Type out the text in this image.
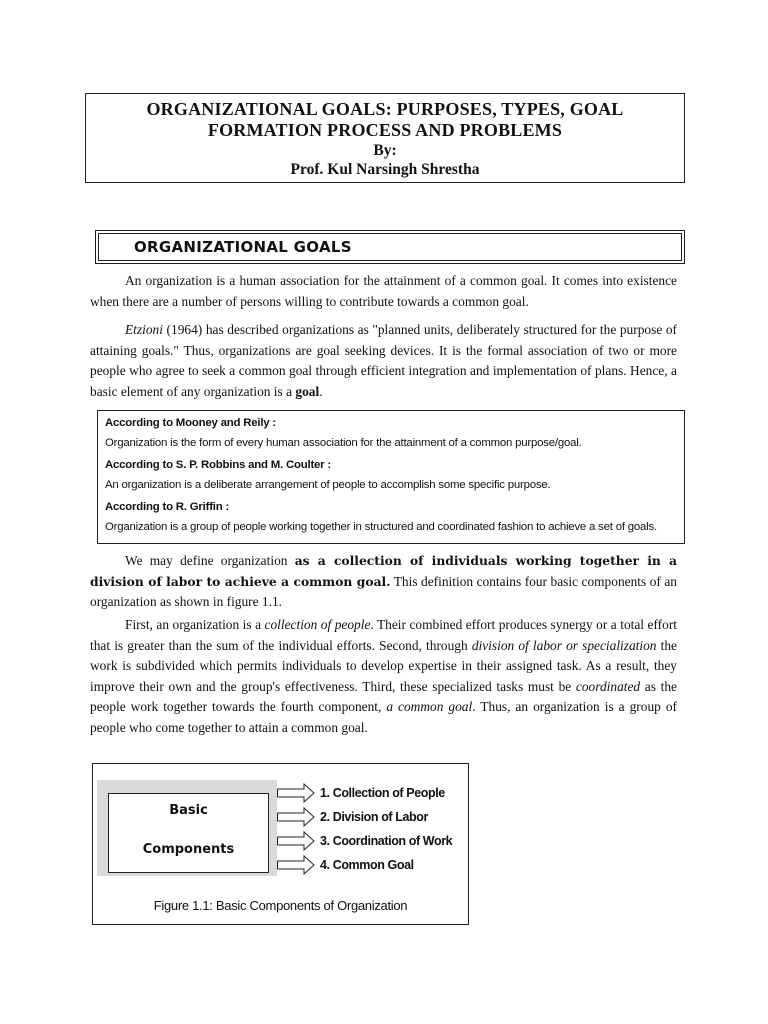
ORGANIZATIONAL GOALS: PURPOSES, TYPES, GOAL
FORMATION PROCESS AND PROBLEMS
By:
Prof. Kul Narsingh Shrestha
ORGANIZATIONAL GOALS

An organization is a human association for the attainment of a common goal. It comes into existence when there are a number of persons willing to contribute towards a common goal.

Etzioni (1964) has described organizations as "planned units, deliberately structured for the purpose of attaining goals." Thus, organizations are goal seeking devices. It is the formal association of two or more people who agree to seek a common goal through efficient integration and implementation of plans. Hence, a basic element of any organization is a goal.

According to Mooney and Reily :
Organization is the form of every human association for the attainment of a common purpose/goal.
According to S. P. Robbins and M. Coulter :
An organization is a deliberate arrangement of people to accomplish some specific purpose.
According to R. Griffin :
Organization is a group of people working together in structured and coordinated fashion to achieve a set of goals.

We may define organization as a collection of individuals working together in a division of labor to achieve a common goal. This definition contains four basic components of an organization as shown in figure 1.1.

First, an organization is a collection of people. Their combined effort produces synergy or a total effort that is greater than the sum of the individual efforts. Second, through division of labor or specialization the work is subdivided which permits individuals to develop expertise in their assigned task. As a result, they improve their own and the group's effectiveness. Third, these specialized tasks must be coordinated as the people work together towards the fourth component, a common goal. Thus, an organization is a group of people who come together to attain a common goal.

Basic
Components
1. Collection of People
2. Division of Labor
3. Coordination of Work
4. Common Goal
Figure 1.1: Basic Components of Organization
